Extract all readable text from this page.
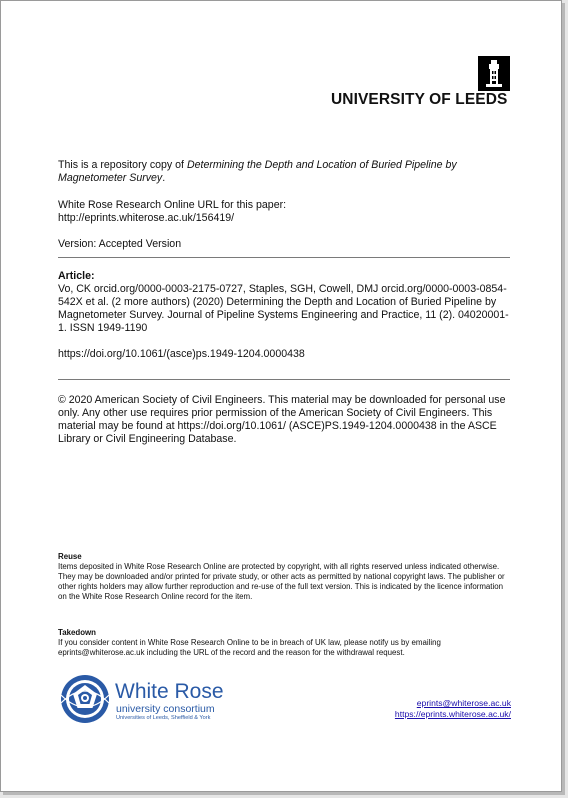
UNIVERSITY OF LEEDS
This is a repository copy of Determining the Depth and Location of Buried Pipeline by Magnetometer Survey.
White Rose Research Online URL for this paper:
http://eprints.whiterose.ac.uk/156419/
Version: Accepted Version
Article:
Vo, CK orcid.org/0000-0003-2175-0727, Staples, SGH, Cowell, DMJ orcid.org/0000-0003-0854-542X et al. (2 more authors) (2020) Determining the Depth and Location of Buried Pipeline by Magnetometer Survey. Journal of Pipeline Systems Engineering and Practice, 11 (2). 04020001-1. ISSN 1949-1190
https://doi.org/10.1061/(asce)ps.1949-1204.0000438
© 2020 American Society of Civil Engineers. This material may be downloaded for personal use only. Any other use requires prior permission of the American Society of Civil Engineers. This material may be found at https://doi.org/10.1061/ (ASCE)PS.1949-1204.0000438 in the ASCE Library or Civil Engineering Database.
Reuse
Items deposited in White Rose Research Online are protected by copyright, with all rights reserved unless indicated otherwise. They may be downloaded and/or printed for private study, or other acts as permitted by national copyright laws. The publisher or other rights holders may allow further reproduction and re-use of the full text version. This is indicated by the licence information on the White Rose Research Online record for the item.
Takedown
If you consider content in White Rose Research Online to be in breach of UK law, please notify us by emailing eprints@whiterose.ac.uk including the URL of the record and the reason for the withdrawal request.
White Rose
university consortium
Universities of Leeds, Sheffield & York
eprints@whiterose.ac.uk
https://eprints.whiterose.ac.uk/
